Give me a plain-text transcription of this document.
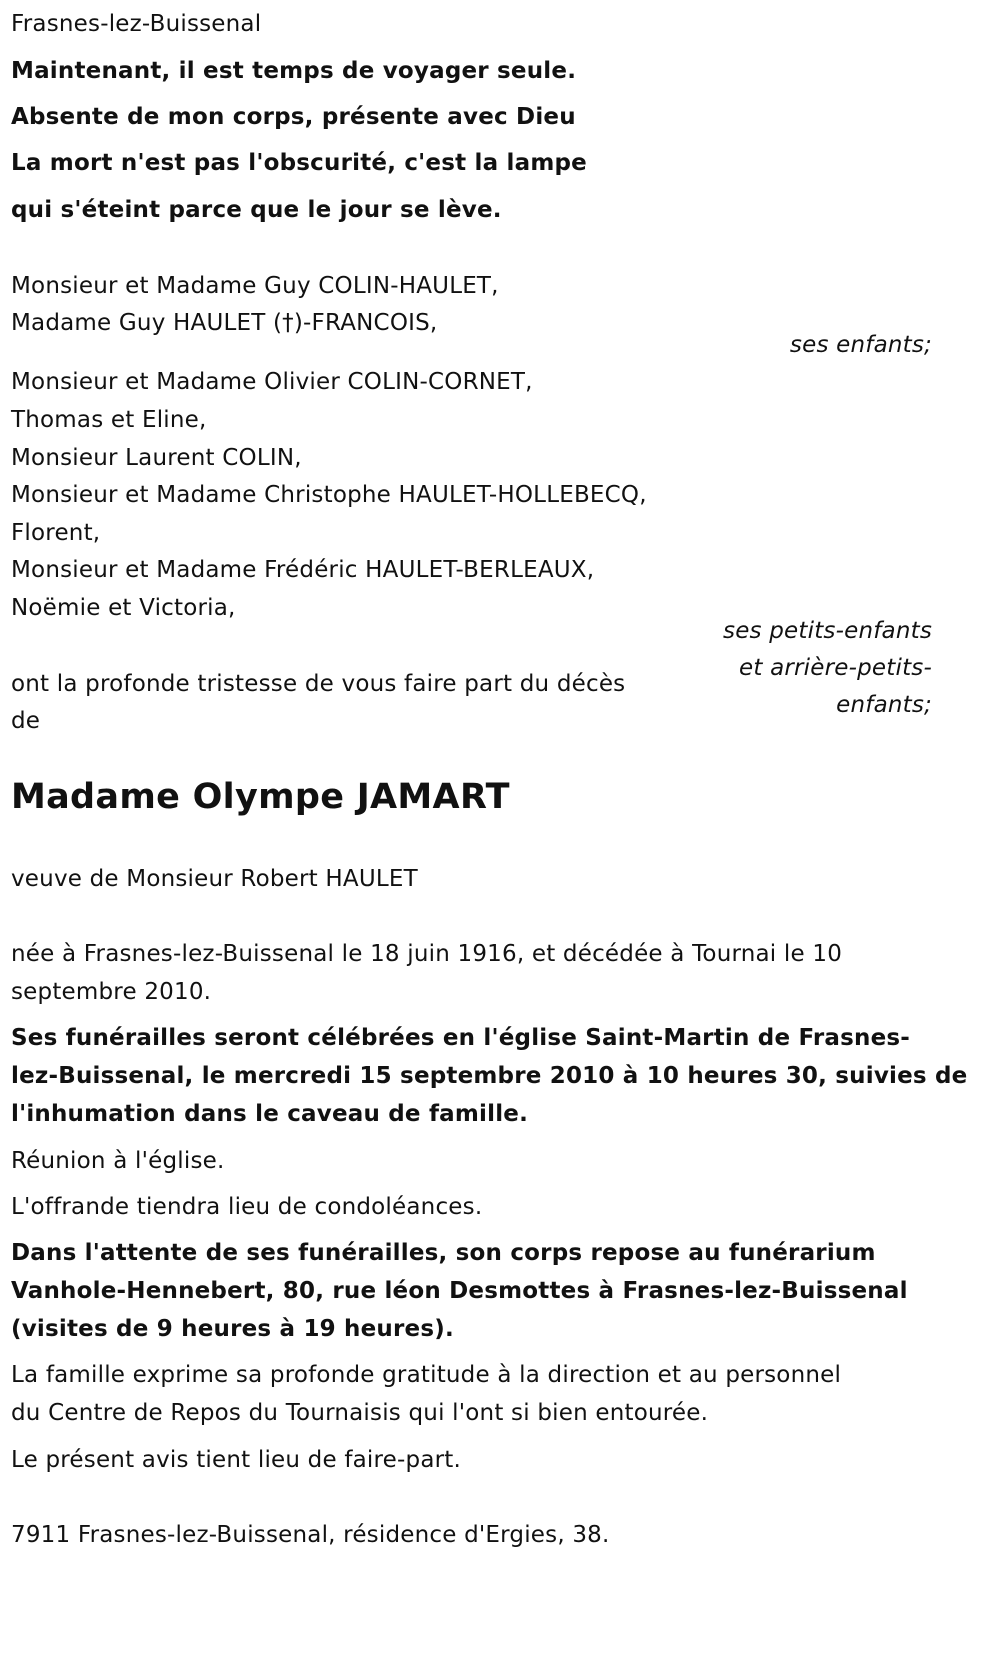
Frasnes-lez-Buissenal
Maintenant, il est temps de voyager seule.
Absente de mon corps, présente avec Dieu
La mort n'est pas l'obscurité, c'est la lampe
qui s'éteint parce que le jour se lève.
Monsieur et Madame Guy COLIN-HAULET,
Madame Guy HAULET (†)-FRANCOIS,
ses enfants;
Monsieur et Madame Olivier COLIN-CORNET,
Thomas et Eline,
Monsieur Laurent COLIN,
Monsieur et Madame Christophe HAULET-HOLLEBECQ,
Florent,
Monsieur et Madame Frédéric HAULET-BERLEAUX,
Noëmie et Victoria,
ses petits-enfants
et arrière-petits-
enfants;
ont la profonde tristesse de vous faire part du décès
de
Madame Olympe JAMART
veuve de Monsieur Robert HAULET
née à Frasnes-lez-Buissenal le 18 juin 1916, et décédée à Tournai le 10
septembre 2010.
Ses funérailles seront célébrées en l'église Saint-Martin de Frasnes-
lez-Buissenal, le mercredi 15 septembre 2010 à 10 heures 30, suivies de
l'inhumation dans le caveau de famille.
Réunion à l'église.
L'offrande tiendra lieu de condoléances.
Dans l'attente de ses funérailles, son corps repose au funérarium
Vanhole-Hennebert, 80, rue léon Desmottes à Frasnes-lez-Buissenal
(visites de 9 heures à 19 heures).
La famille exprime sa profonde gratitude à la direction et au personnel
du Centre de Repos du Tournaisis qui l'ont si bien entourée.
Le présent avis tient lieu de faire-part.
7911 Frasnes-lez-Buissenal, résidence d'Ergies, 38.
